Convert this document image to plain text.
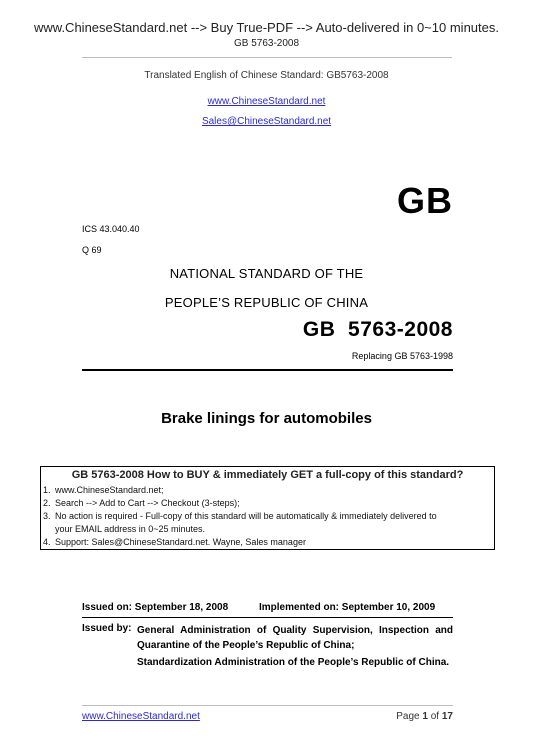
www.ChineseStandard.net --> Buy True-PDF --> Auto-delivered in 0~10 minutes.
GB 5763-2008
Translated English of Chinese Standard: GB5763-2008
www.ChineseStandard.net
Sales@ChineseStandard.net
GB
ICS 43.040.40
Q 69
NATIONAL STANDARD OF THE
PEOPLE’S REPUBLIC OF CHINA
GB  5763-2008
Replacing GB 5763-1998
Brake linings for automobiles
GB 5763-2008 How to BUY & immediately GET a full-copy of this standard?
1. www.ChineseStandard.net;
2. Search --> Add to Cart --> Checkout (3-steps);
3. No action is required - Full-copy of this standard will be automatically & immediately delivered to
your EMAIL address in 0~25 minutes.
4. Support: Sales@ChineseStandard.net. Wayne, Sales manager
Issued on: September 18, 2008	Implemented on: September 10, 2009
Issued by: General Administration of Quality Supervision, Inspection and Quarantine of the People’s Republic of China;
Standardization Administration of the People’s Republic of China.
www.ChineseStandard.net	Page 1 of 17
